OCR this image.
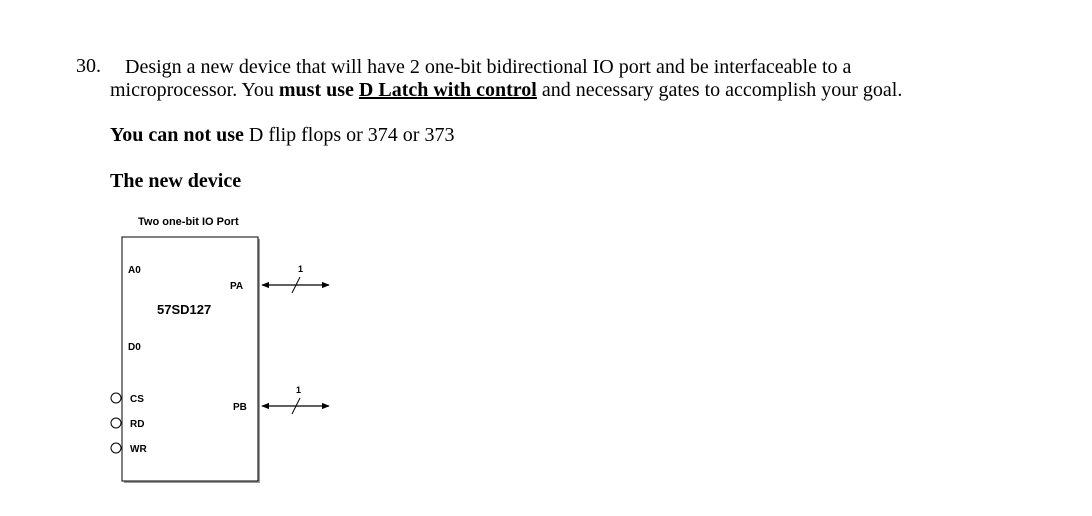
30. Design a new device that will have 2 one-bit bidirectional IO port and be interfaceable to a
microprocessor. You must use D Latch with control and necessary gates to accomplish your goal.
You can not use D flip flops or 374 or 373
The new device
Two one-bit IO Port
57SD127
A0
D0
CS
RD
WR
PA
PB
1
1
